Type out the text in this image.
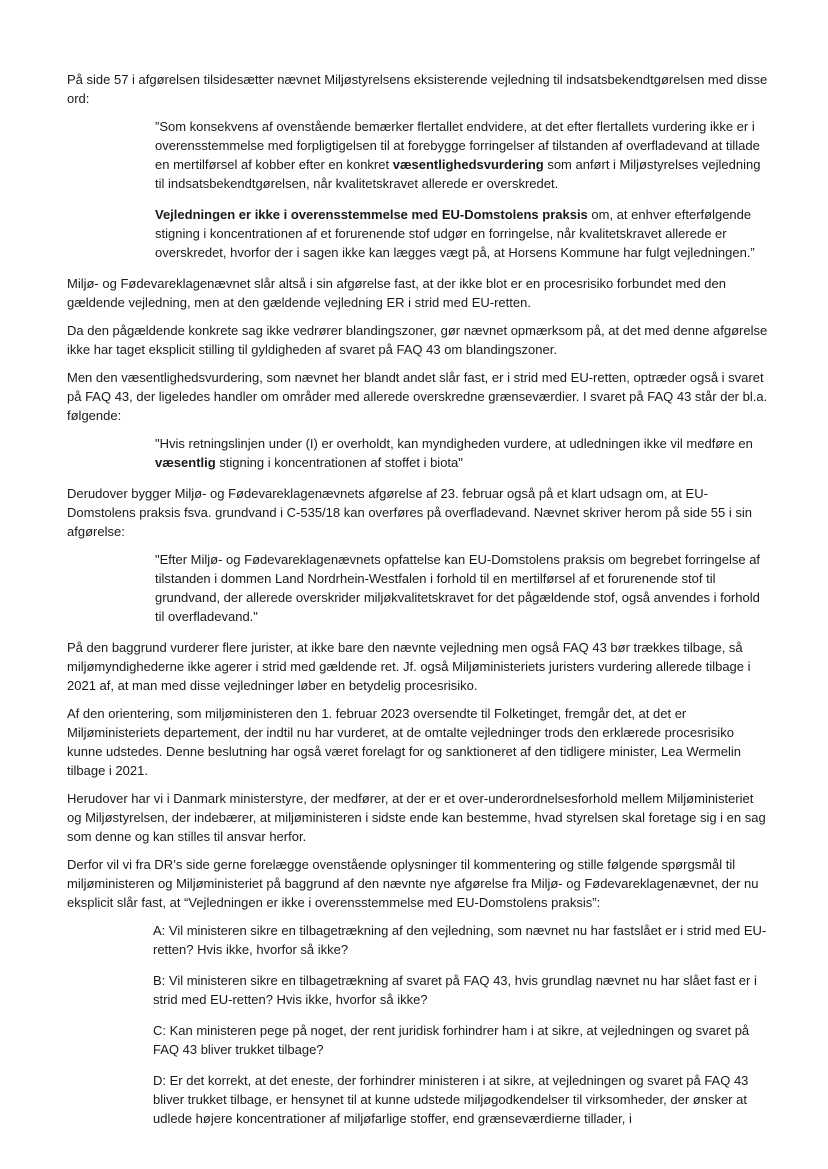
På side 57 i afgørelsen tilsidesætter nævnet Miljøstyrelsens eksisterende vejledning til indsatsbekendtgørelsen med disse ord:

”Som konsekvens af ovenstående bemærker flertallet endvidere, at det efter flertallets vurdering ikke er i overensstemmelse med forpligtigelsen til at forebygge forringelser af tilstanden af overfladevand at tillade en mertilførsel af kobber efter en konkret væsentlighedsvurdering som anført i Miljøstyrelses vejledning til indsatsbekendtgørelsen, når kvalitetskravet allerede er overskredet.

Vejledningen er ikke i overensstemmelse med EU-Domstolens praksis om, at enhver efterfølgende stigning i koncentrationen af et forurenende stof udgør en forringelse, når kvalitetskravet allerede er overskredet, hvorfor der i sagen ikke kan lægges vægt på, at Horsens Kommune har fulgt vejledningen.”

Miljø- og Fødevareklagenævnet slår altså i sin afgørelse fast, at der ikke blot er en procesrisiko forbundet med den gældende vejledning, men at den gældende vejledning ER i strid med EU-retten.

Da den pågældende konkrete sag ikke vedrører blandingszoner, gør nævnet opmærksom på, at det med denne afgørelse ikke har taget eksplicit stilling til gyldigheden af svaret på FAQ 43 om blandingszoner.

Men den væsentlighedsvurdering, som nævnet her blandt andet slår fast, er i strid med EU-retten, optræder også i svaret på FAQ 43, der ligeledes handler om områder med allerede overskredne grænseværdier. I svaret på FAQ 43 står der bl.a. følgende:

"Hvis retningslinjen under (I) er overholdt, kan myndigheden vurdere, at udledningen ikke vil medføre en væsentlig stigning i koncentrationen af stoffet i biota"

Derudover bygger Miljø- og Fødevareklagenævnets afgørelse af 23. februar også på et klart udsagn om, at EU-Domstolens praksis fsva. grundvand i C-535/18 kan overføres på overfladevand. Nævnet skriver herom på side 55 i sin afgørelse:

"Efter Miljø- og Fødevareklagenævnets opfattelse kan EU-Domstolens praksis om begrebet forringelse af tilstanden i dommen Land Nordrhein-Westfalen i forhold til en mertilførsel af et forurenende stof til grundvand, der allerede overskrider miljøkvalitetskravet for det pågældende stof, også anvendes i forhold til overfladevand."

På den baggrund vurderer flere jurister, at ikke bare den nævnte vejledning men også FAQ 43 bør trækkes tilbage, så miljømyndighederne ikke agerer i strid med gældende ret. Jf. også Miljøministeriets juristers vurdering allerede tilbage i 2021 af, at man med disse vejledninger løber en betydelig procesrisiko.

Af den orientering, som miljøministeren den 1. februar 2023 oversendte til Folketinget, fremgår det, at det er Miljøministeriets departement, der indtil nu har vurderet, at de omtalte vejledninger trods den erklærede procesrisiko kunne udstedes. Denne beslutning har også været forelagt for og sanktioneret af den tidligere minister, Lea Wermelin tilbage i 2021.

Herudover har vi i Danmark ministerstyre, der medfører, at der er et over-underordnelsesforhold mellem Miljøministeriet og Miljøstyrelsen, der indebærer, at miljøministeren i sidste ende kan bestemme, hvad styrelsen skal foretage sig i en sag som denne og kan stilles til ansvar herfor.

Derfor vil vi fra DR’s side gerne forelægge ovenstående oplysninger til kommentering og stille følgende spørgsmål til miljøministeren og Miljøministeriet på baggrund af den nævnte nye afgørelse fra Miljø- og Fødevareklagenævnet, der nu eksplicit slår fast, at “Vejledningen er ikke i overensstemmelse med EU-Domstolens praksis”:

A: Vil ministeren sikre en tilbagetrækning af den vejledning, som nævnet nu har fastslået er i strid med EU-retten? Hvis ikke, hvorfor så ikke?

B: Vil ministeren sikre en tilbagetrækning af svaret på FAQ 43, hvis grundlag nævnet nu har slået fast er i strid med EU-retten? Hvis ikke, hvorfor så ikke?

C: Kan ministeren pege på noget, der rent juridisk forhindrer ham i at sikre, at vejledningen og svaret på FAQ 43 bliver trukket tilbage?

D: Er det korrekt, at det eneste, der forhindrer ministeren i at sikre, at vejledningen og svaret på FAQ 43 bliver trukket tilbage, er hensynet til at kunne udstede miljøgodkendelser til virksomheder, der ønsker at udlede højere koncentrationer af miljøfarlige stoffer, end grænseværdierne tillader, i
